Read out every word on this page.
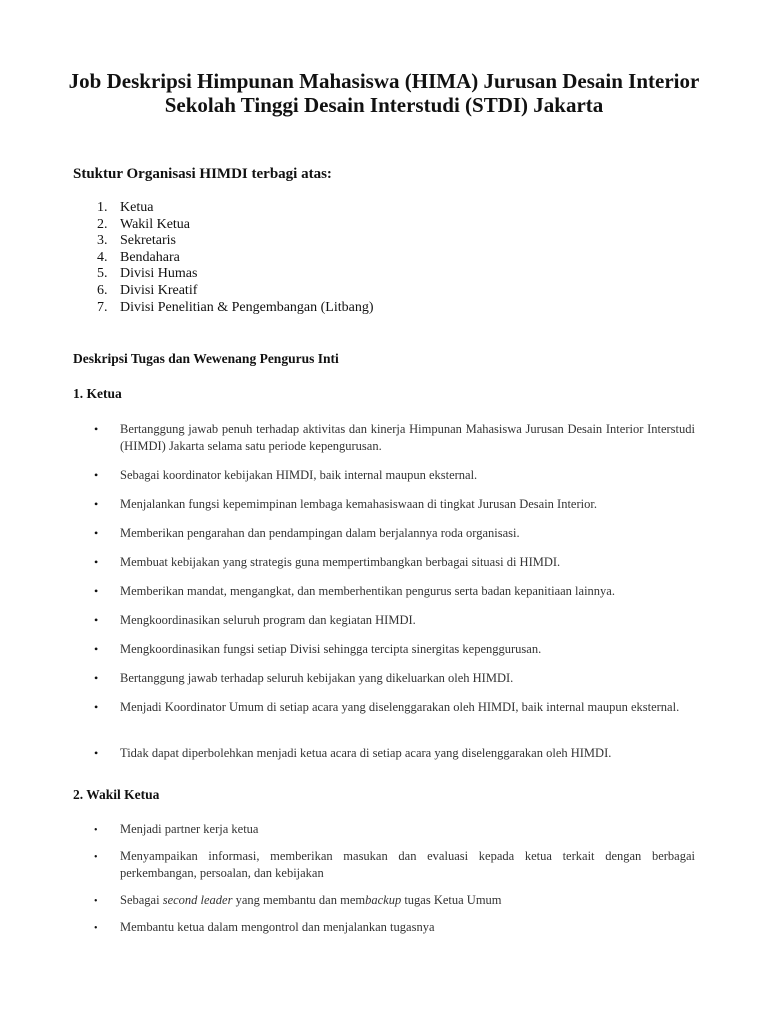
Job Deskripsi Himpunan Mahasiswa (HIMA) Jurusan Desain Interior
Sekolah Tinggi Desain Interstudi (STDI) Jakarta
Stuktur Organisasi HIMDI terbagi atas:
1. Ketua
2. Wakil Ketua
3. Sekretaris
4. Bendahara
5. Divisi Humas
6. Divisi Kreatif
7. Divisi Penelitian & Pengembangan (Litbang)
Deskripsi Tugas dan Wewenang Pengurus Inti
1. Ketua
• Bertanggung jawab penuh terhadap aktivitas dan kinerja Himpunan Mahasiswa Jurusan Desain Interior Interstudi (HIMDI) Jakarta selama satu periode kepengurusan.
• Sebagai koordinator kebijakan HIMDI, baik internal maupun eksternal.
• Menjalankan fungsi kepemimpinan lembaga kemahasiswaan di tingkat Jurusan Desain Interior.
• Memberikan pengarahan dan pendampingan dalam berjalannya roda organisasi.
• Membuat kebijakan yang strategis guna mempertimbangkan berbagai situasi di HIMDI.
• Memberikan mandat, mengangkat, dan memberhentikan pengurus serta badan kepanitiaan lainnya.
• Mengkoordinasikan seluruh program dan kegiatan HIMDI.
• Mengkoordinasikan fungsi setiap Divisi sehingga tercipta sinergitas kepenggurusan.
• Bertanggung jawab terhadap seluruh kebijakan yang dikeluarkan oleh HIMDI.
• Menjadi Koordinator Umum di setiap acara yang diselenggarakan oleh HIMDI, baik internal maupun eksternal.
• Tidak dapat diperbolehkan menjadi ketua acara di setiap acara yang diselenggarakan oleh HIMDI.
2. Wakil Ketua
• Menjadi partner kerja ketua
• Menyampaikan informasi, memberikan masukan dan evaluasi kepada ketua terkait dengan berbagai perkembangan, persoalan, dan kebijakan
• Sebagai second leader yang membantu dan membackup tugas Ketua Umum
• Membantu ketua dalam mengontrol dan menjalankan tugasnya
